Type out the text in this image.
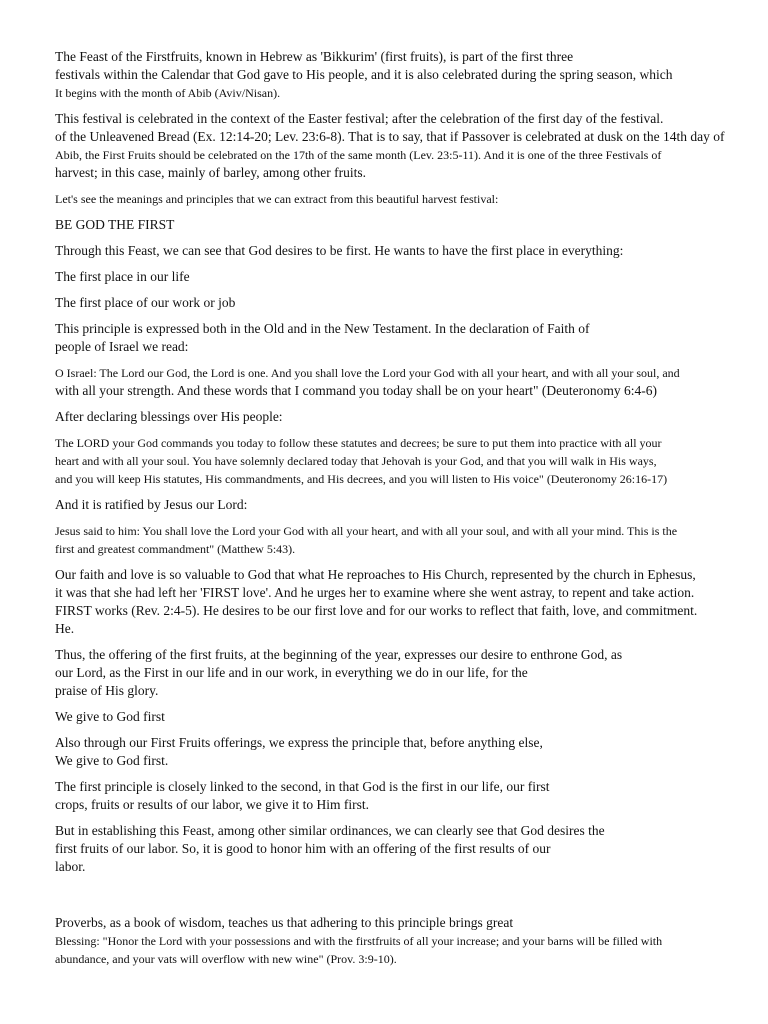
The Feast of the Firstfruits, known in Hebrew as 'Bikkurim' (first fruits), is part of the first three
festivals within the Calendar that God gave to His people, and it is also celebrated during the spring season, which
It begins with the month of Abib (Aviv/Nisan).
This festival is celebrated in the context of the Easter festival; after the celebration of the first day of the festival.
of the Unleavened Bread (Ex. 12:14-20; Lev. 23:6-8). That is to say, that if Passover is celebrated at dusk on the 14th day of
Abib, the First Fruits should be celebrated on the 17th of the same month (Lev. 23:5-11). And it is one of the three Festivals of
harvest; in this case, mainly of barley, among other fruits.
Let's see the meanings and principles that we can extract from this beautiful harvest festival:
BE GOD THE FIRST
Through this Feast, we can see that God desires to be first. He wants to have the first place in everything:
The first place in our life
The first place of our work or job
This principle is expressed both in the Old and in the New Testament. In the declaration of Faith of
people of Israel we read:
O Israel: The Lord our God, the Lord is one. And you shall love the Lord your God with all your heart, and with all your soul, and
with all your strength. And these words that I command you today shall be on your heart" (Deuteronomy 6:4-6)
After declaring blessings over His people:
The LORD your God commands you today to follow these statutes and decrees; be sure to put them into practice with all your
heart and with all your soul. You have solemnly declared today that Jehovah is your God, and that you will walk in His ways,
and you will keep His statutes, His commandments, and His decrees, and you will listen to His voice" (Deuteronomy 26:16-17)
And it is ratified by Jesus our Lord:
Jesus said to him: You shall love the Lord your God with all your heart, and with all your soul, and with all your mind. This is the
first and greatest commandment" (Matthew 5:43).
Our faith and love is so valuable to God that what He reproaches to His Church, represented by the church in Ephesus,
it was that she had left her 'FIRST love'. And he urges her to examine where she went astray, to repent and take action.
FIRST works (Rev. 2:4-5). He desires to be our first love and for our works to reflect that faith, love, and commitment.
He.
Thus, the offering of the first fruits, at the beginning of the year, expresses our desire to enthrone God, as
our Lord, as the First in our life and in our work, in everything we do in our life, for the
praise of His glory.
We give to God first
Also through our First Fruits offerings, we express the principle that, before anything else,
We give to God first.
The first principle is closely linked to the second, in that God is the first in our life, our first
crops, fruits or results of our labor, we give it to Him first.
But in establishing this Feast, among other similar ordinances, we can clearly see that God desires the
first fruits of our labor. So, it is good to honor him with an offering of the first results of our
labor.
Proverbs, as a book of wisdom, teaches us that adhering to this principle brings great
Blessing: "Honor the Lord with your possessions and with the firstfruits of all your increase; and your barns will be filled with
abundance, and your vats will overflow with new wine" (Prov. 3:9-10).
